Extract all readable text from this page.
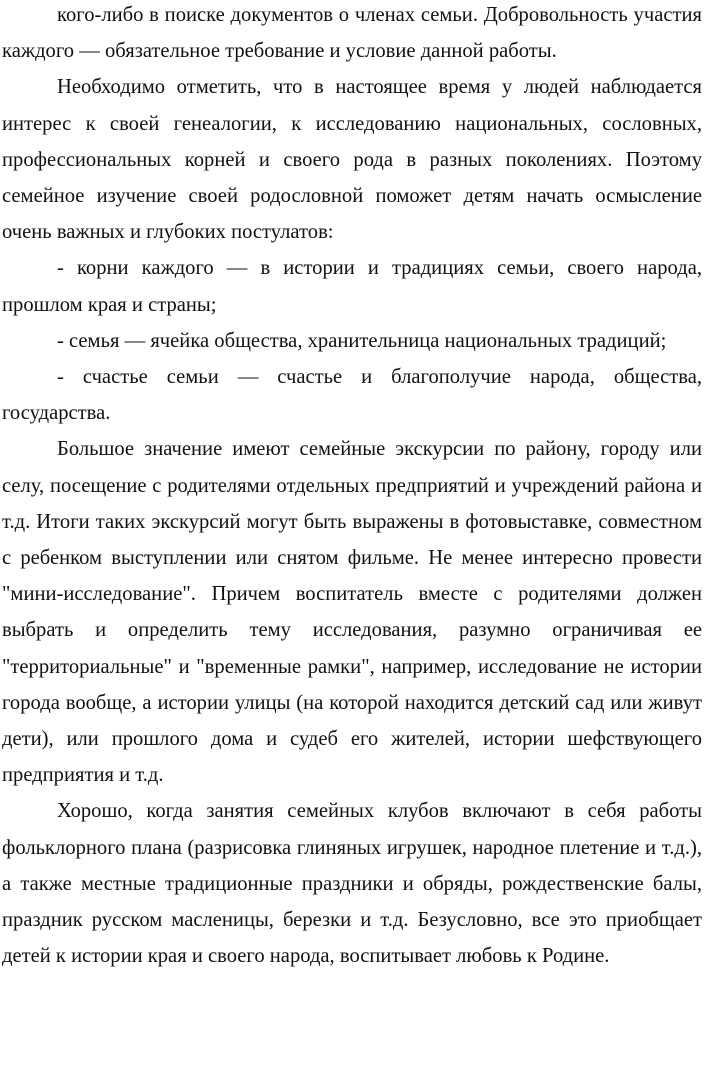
кого-либо в поиске документов о членах семьи. Добровольность участия каждого — обязательное требование и условие данной работы.

Необходимо отметить, что в настоящее время у людей наблюдается интерес к своей генеалогии, к исследованию национальных, сословных, профессиональных корней и своего рода в разных поколениях. Поэтому семейное изучение своей родословной поможет детям начать осмысление очень важных и глубоких постулатов:

- корни каждого — в истории и традициях семьи, своего народа, прошлом края и страны;

- семья — ячейка общества, хранительница национальных традиций;

- счастье семьи — счастье и благополучие народа, общества, государства.

Большое значение имеют семейные экскурсии по району, городу или селу, посещение с родителями отдельных предприятий и учреждений района и т.д. Итоги таких экскурсий могут быть выражены в фотовыставке, совместном с ребенком выступлении или снятом фильме. Не менее интересно провести "мини-исследование". Причем воспитатель вместе с родителями должен выбрать и определить тему исследования, разумно ограничивая ее "территориальные" и "временные рамки", например, исследование не истории города вообще, а истории улицы (на которой находится детский сад или живут дети), или прошлого дома и судеб его жителей, истории шефствующего предприятия и т.д.

Хорошо, когда занятия семейных клубов включают в себя работы фольклорного плана (разрисовка глиняных игрушек, народное плетение и т.д.), а также местные традиционные праздники и обряды, рождественские балы, праздник русском масленицы, березки и т.д. Безусловно, все это приобщает детей к истории края и своего народа, воспитывает любовь к Родине.
